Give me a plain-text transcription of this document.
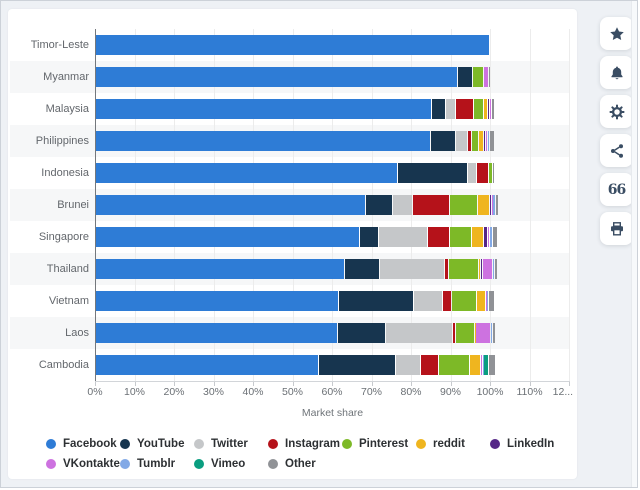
Timor-Leste
Myanmar
Malaysia
Philippines
Indonesia
Brunei
Singapore
Thailand
Vietnam
Laos
Cambodia
0% 10% 20% 30% 40% 50% 60% 70% 80% 90% 100% 110% 12...
Market share
Facebook YouTube Twitter	Instagram Pinterest reddit	LinkedIn
VKontakte Tumblr	Vimeo	Other
66
